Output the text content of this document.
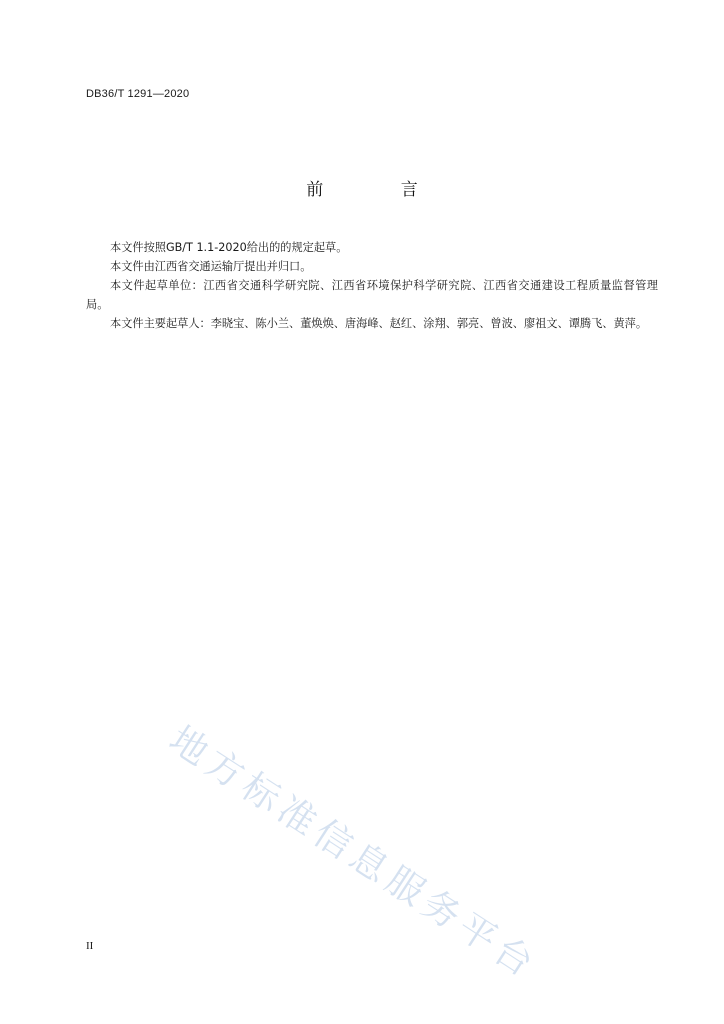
DB36/T 1291—2020
前 言

本文件按照GB/T 1.1-2020给出的的规定起草。

本文件由江西省交通运输厅提出并归口。

本文件起草单位：江西省交通科学研究院、江西省环境保护科学研究院、江西省交通建设工程质量监督管理局。

本文件主要起草人：李晓宝、陈小兰、董焕焕、唐海峰、赵红、涂翔、郭亮、曾波、廖祖文、谭腾飞、黄萍。

地方标准信息服务平台
II
